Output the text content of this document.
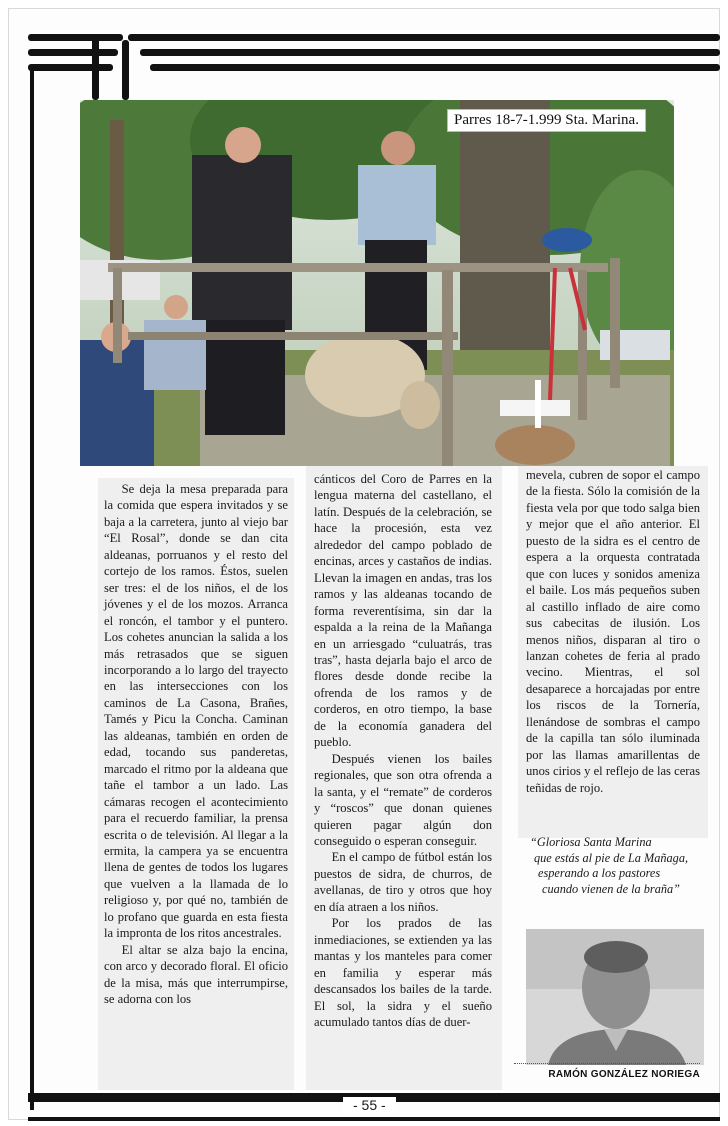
Parres 18-7-1.999 Sta. Marina.

Se deja la mesa preparada para la comida que espera invitados y se baja a la carretera, junto al viejo bar “El Rosal”, donde se dan cita aldeanas, porruanos y el resto del cortejo de los ramos. Éstos, suelen ser tres: el de los niños, el de los jóvenes y el de los mozos. Arranca el roncón, el tambor y el puntero. Los cohetes anuncian la salida a los más retrasados que se siguen incorporando a lo largo del trayecto en las intersecciones con los caminos de La Casona, Brañes, Tamés y Picu la Concha. Caminan las aldeanas, también en orden de edad, tocando sus panderetas, marcado el ritmo por la aldeana que tañe el tambor a un lado. Las cámaras recogen el acontecimiento para el recuerdo familiar, la prensa escrita o de televisión. Al llegar a la ermita, la campera ya se encuentra llena de gentes de todos los lugares que vuelven a la llamada de lo religioso y, por qué no, también de lo profano que guarda en esta fiesta la impronta de los ritos ancestrales.

El altar se alza bajo la encina, con arco y decorado floral. El oficio de la misa, más que interrumpirse, se adorna con los

cánticos del Coro de Parres en la lengua materna del castellano, el latín. Después de la celebración, se hace la procesión, esta vez alrededor del campo poblado de encinas, arces y castaños de indias. Llevan la imagen en andas, tras los ramos y las aldeanas tocando de forma reverentísima, sin dar la espalda a la reina de la Mañanga en un arriesgado “culuatrás, tras tras”, hasta dejarla bajo el arco de flores desde donde recibe la ofrenda de los ramos y de corderos, en otro tiempo, la base de la economía ganadera del pueblo.

Después vienen los bailes regionales, que son otra ofrenda a la santa, y el “remate” de corderos y “roscos” que donan quienes quieren pagar algún don conseguido o esperan conseguir.

En el campo de fútbol están los puestos de sidra, de churros, de avellanas, de tiro y otros que hoy en día atraen a los niños.

Por los prados de las inmediaciones, se extienden ya las mantas y los manteles para comer en familia y esperar más descansados los bailes de la tarde. El sol, la sidra y el sueño acumulado tantos días de duer-

mevela, cubren de sopor el campo de la fiesta. Sólo la comisión de la fiesta vela por que todo salga bien y mejor que el año anterior. El puesto de la sidra es el centro de espera a la orquesta contratada que con luces y sonidos ameniza el baile. Los más pequeños suben al castillo inflado de aire como sus cabecitas de ilusión. Los menos niños, disparan al tiro o lanzan cohetes de feria al prado vecino. Mientras, el sol desaparece a horcajadas por entre los riscos de la Tornería, llenándose de sombras el campo de la capilla tan sólo iluminada por las llamas amarillentas de unos cirios y el reflejo de las ceras teñidas de rojo.

“Gloriosa Santa Marina
que estás al pie de La Mañaga,
esperando a los pastores
cuando vienen de la braña”
RAMÓN GONZÁLEZ NORIEGA
- 55 -
